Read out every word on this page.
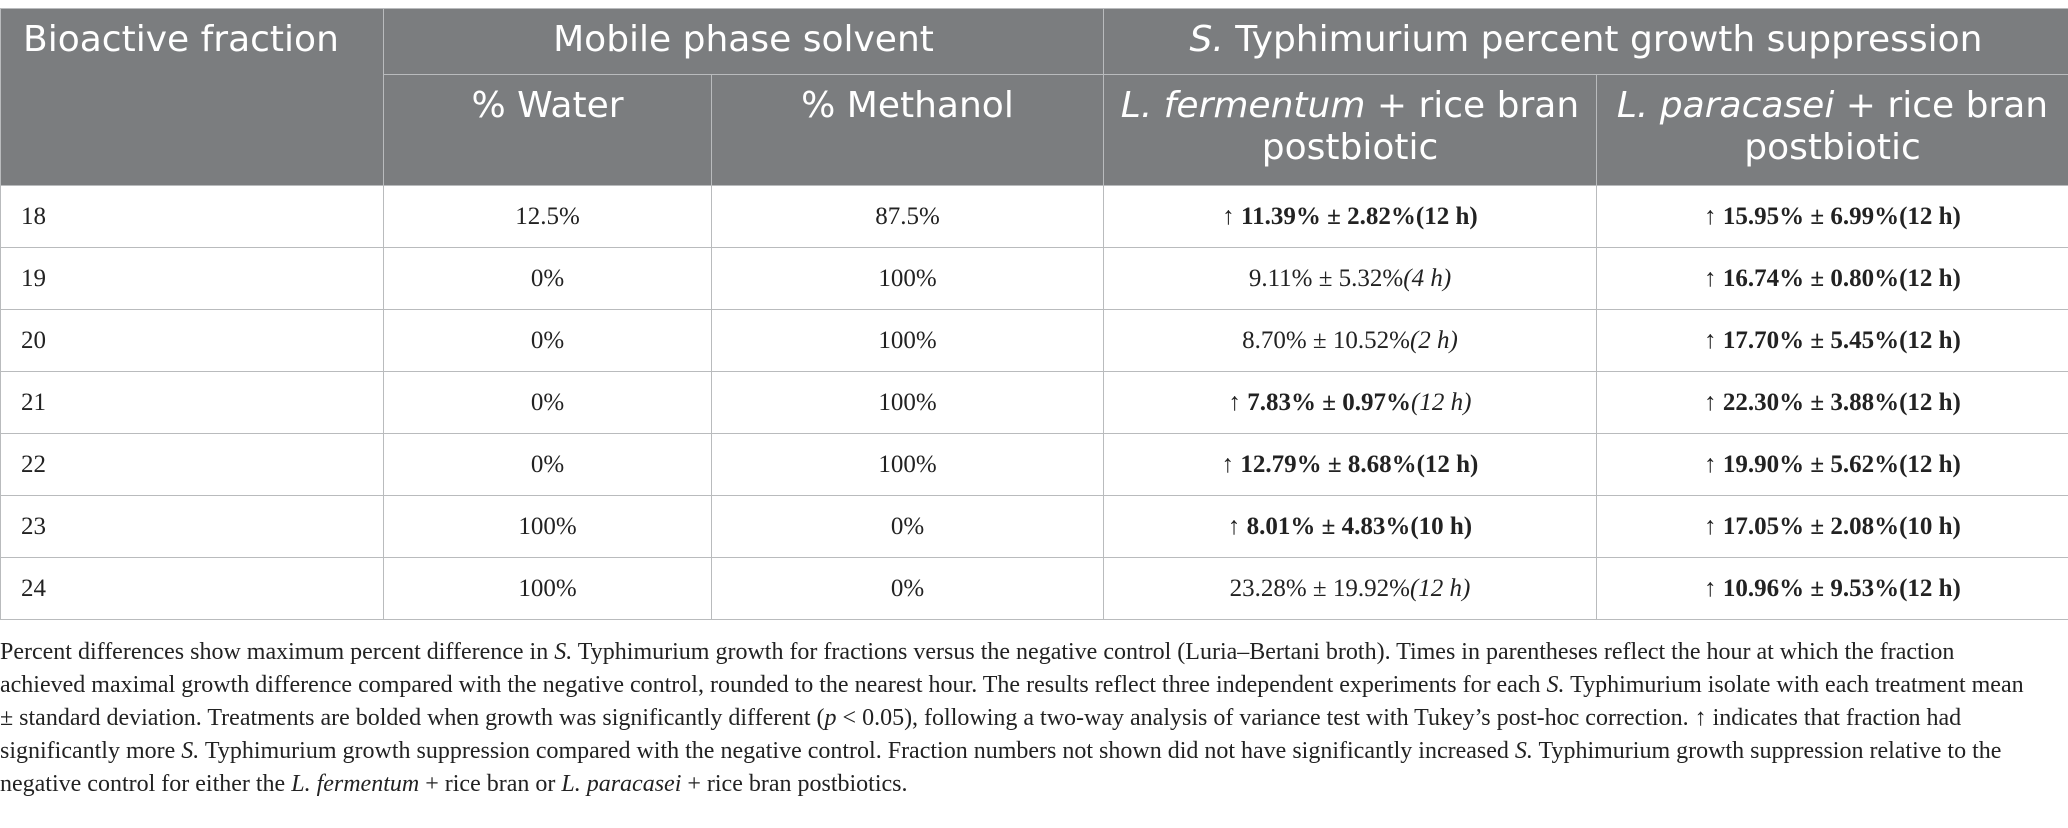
Bioactive fraction	Mobile phase solvent		S. Typhimurium percent growth suppression	
	% Water	% Methanol	L. fermentum + rice bran postbiotic	L. paracasei + rice bran postbiotic
18	12.5%	87.5%	↑ 11.39% ± 2.82%(12 h)	↑ 15.95% ± 6.99%(12 h)
19	0%	100%	9.11% ± 5.32%(4 h)	↑ 16.74% ± 0.80%(12 h)
20	0%	100%	8.70% ± 10.52%(2 h)	↑ 17.70% ± 5.45%(12 h)
21	0%	100%	↑ 7.83% ± 0.97%(12 h)	↑ 22.30% ± 3.88%(12 h)
22	0%	100%	↑ 12.79% ± 8.68%(12 h)	↑ 19.90% ± 5.62%(12 h)
23	100%	0%	↑ 8.01% ± 4.83%(10 h)	↑ 17.05% ± 2.08%(10 h)
24	100%	0%	23.28% ± 19.92%(12 h)	↑ 10.96% ± 9.53%(12 h)
Percent differences show maximum percent difference in S. Typhimurium growth for fractions versus the negative control (Luria–Bertani broth). Times in parentheses reflect the hour at which the fraction achieved maximal growth difference compared with the negative control, rounded to the nearest hour. The results reflect three independent experiments for each S. Typhimurium isolate with each treatment mean ± standard deviation. Treatments are bolded when growth was significantly different (p < 0.05), following a two-way analysis of variance test with Tukey’s post-hoc correction. ↑ indicates that fraction had significantly more S. Typhimurium growth suppression compared with the negative control. Fraction numbers not shown did not have significantly increased S. Typhimurium growth suppression relative to the negative control for either the L. fermentum + rice bran or L. paracasei + rice bran postbiotics.
